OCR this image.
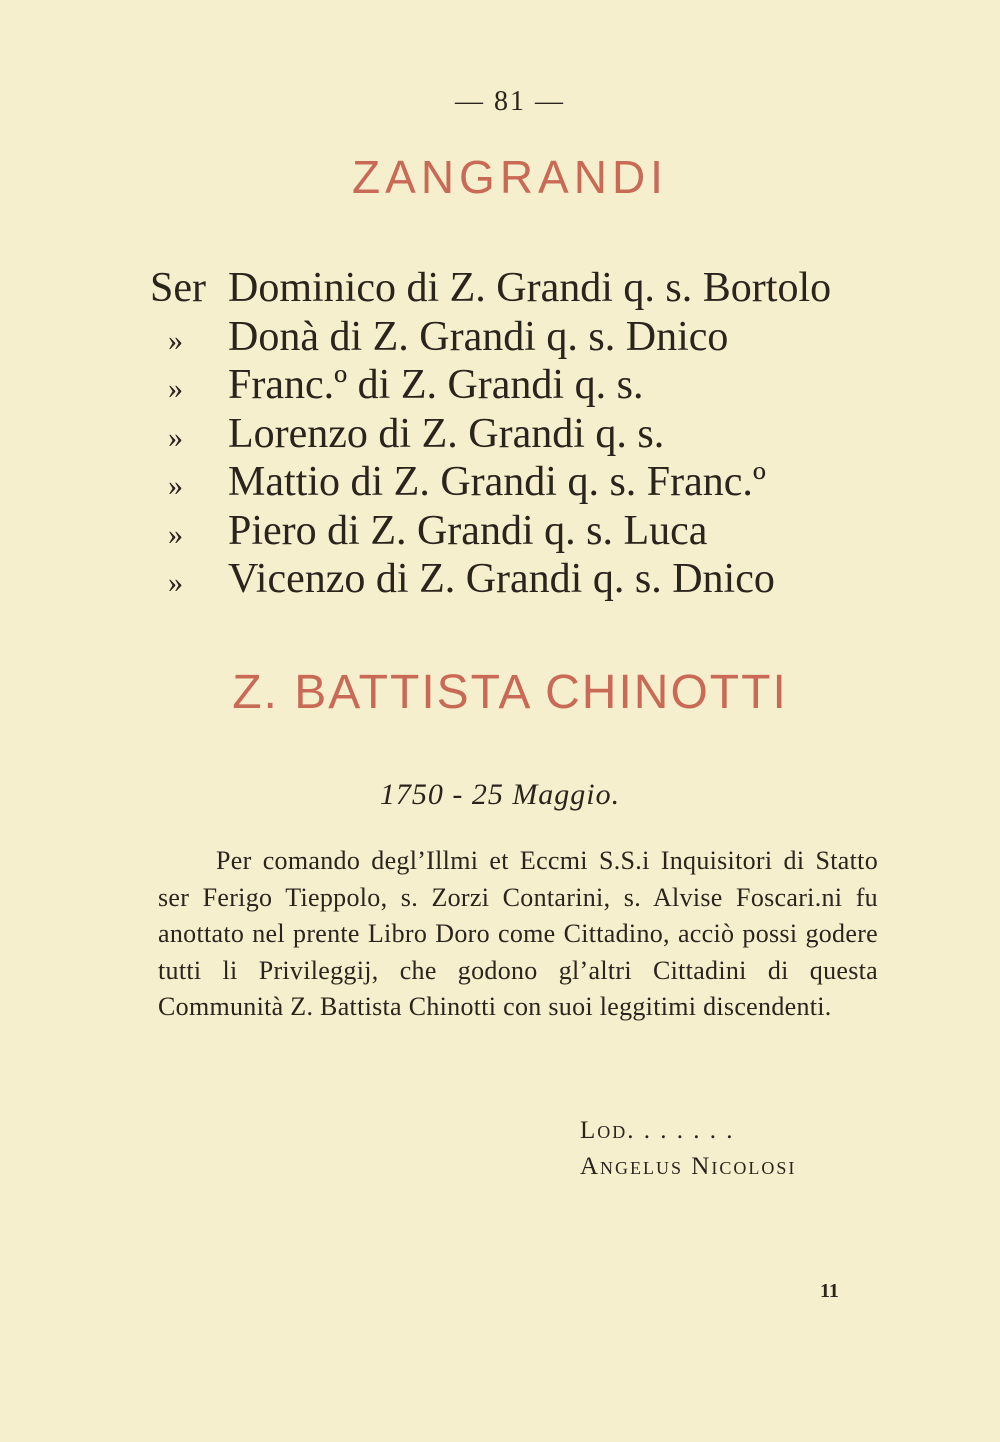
— 81 —
ZANGRANDI
Ser Dominico di Z. Grandi q. s. Bortolo
»	Donà di Z. Grandi q. s. Dnico
»	Franc.º di Z. Grandi q. s.
»	Lorenzo di Z. Grandi q. s.
»	Mattio di Z. Grandi q. s. Franc.º
»	Piero di Z. Grandi q. s. Luca
»	Vicenzo di Z. Grandi q. s. Dnico
Z. BATTISTA CHINOTTI
1750 - 25 Maggio.

Per comando degl’Illmi et Eccmi S.S.i Inquisitori di Statto ser Ferigo Tieppolo, s. Zorzi Contarini, s. Alvise Foscari.ni fu anottato nel prente Libro Doro come Cittadino, acciò possi godere tutti li Privileggij, che godono gl’altri Cittadini di questa Communità Z. Battista Chinotti con suoi leggitimi discendenti.

Lod. . . . . . .
Angelus Nicolosi
11
